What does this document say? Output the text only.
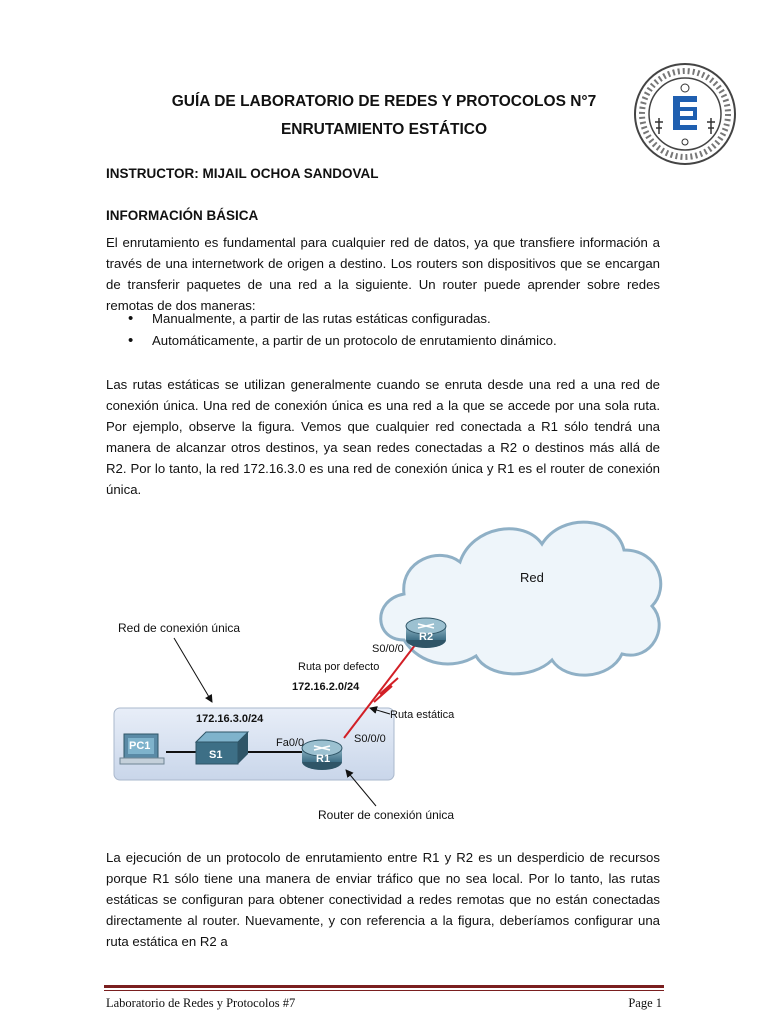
GUÍA DE LABORATORIO DE REDES Y PROTOCOLOS N°7
ENRUTAMIENTO ESTÁTICO
INSTRUCTOR: MIJAIL OCHOA SANDOVAL
INFORMACIÓN BÁSICA
El enrutamiento es fundamental para cualquier red de datos, ya que transfiere información a través de una internetwork de origen a destino. Los routers son dispositivos que se encargan de transferir paquetes de una red a la siguiente. Un router puede aprender sobre redes remotas de dos maneras:
• Manualmente, a partir de las rutas estáticas configuradas.
• Automáticamente, a partir de un protocolo de enrutamiento dinámico.
Las rutas estáticas se utilizan generalmente cuando se enruta desde una red a una red de conexión única. Una red de conexión única es una red a la que se accede por una sola ruta. Por ejemplo, observe la figura. Vemos que cualquier red conectada a R1 sólo tendrá una manera de alcanzar otros destinos, ya sean redes conectadas a R2 o destinos más allá de R2. Por lo tanto, la red 172.16.3.0 es una red de conexión única y R1 es el router de conexión única.
Red
172.16.3.0/24
PC1
S1	R1
R2
S0/0/0
S0/0/0
Fa0/0
Ruta por defecto
172.16.2.0/24
Ruta estática
Red de conexión única
Router de conexión única
La ejecución de un protocolo de enrutamiento entre R1 y R2 es un desperdicio de recursos porque R1 sólo tiene una manera de enviar tráfico que no sea local. Por lo tanto, las rutas estáticas se configuran para obtener conectividad a redes remotas que no están conectadas directamente al router. Nuevamente, y con referencia a la figura, deberíamos configurar una ruta estática en R2 a
Laboratorio de Redes y Protocolos #7	Page 1
